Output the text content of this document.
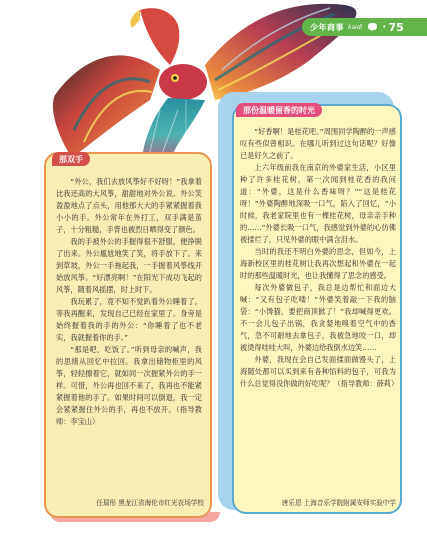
少年商事 kaidi	• 75
那份温暖留香的时光

“好香啊！是桂花吧。”周围同学陶醉的一声感叹有些似曾相识。在哪儿听到过这句话呢？好像已是好久之前了。

上六年级前我在南京的外婆家生活，小区里种了许多桂花树，第一次闻到桂花香的我问道：“外婆，这是什么香味呀？”“这是桂花呀！”外婆陶醉地深吸一口气，陷入了回忆，“小时候，我老家院里也有一棵桂花树，母亲亲手种的……”外婆长吸一口气，我感觉到外婆的心仿佛被揉烂了，只见外婆的眼中满含泪水。

当时的我还不明白外婆的思念，但如今，上海新校区里的桂花树让我再次想起和外婆在一起时的那些温暖时光，也让我懂得了思念的感受。

每次外婆做包子，我总是边帮忙和面边大喊：“又有包子吃喽！”外婆笑着敲一下我的脑袋：“小馋猫，要把商顶掀了！”我却喊得更欢。不一会儿包子出锅，我贪婪地嗅着空气中的香气，急不可耐地去拿包子，我被急地咬一口，却被烫得哇哇大叫，外婆边给我倒水边笑……

外婆，我现在会自己发面揉面做馒头了，上海随处都可以买到来有各种馅料的包子，可我为什么总觉得没你做的好吃呢？（指导教师：薛莉）

唐乐恩 上海音乐学院附属安师实验中学
那双手

“外公，我们去放风筝好不好呀！”我拿着比我还高的大风筝，甜甜地对外公说。外公笑盈盈地点了点头，用他那大大的手紧紧握着我小小的手。外公常年在外打工，双手满是茧子，十分粗糙，手背也被烈日晒得变了颜色。

我的手被外公的手握得很不舒服，便挣脱了出来。外公尴尬地笑了笑，将手放下了。来到草坡，外公一手拖起我，一手握着风筝线开始放风筝。“好漂亮啊！”在阳光下成功飞起的风筝，随着风摇摆，时上时下。

我玩累了，竟不知不觉趴着外公睡着了。等我再醒来，发现自己已经在家里了。身旁是始终握着我的手的外公：“你睡着了也不老实，我就握着你的手。”

“那是吧，吃饭了。”听到母亲的喊声，我的思绪从回忆中拉回。我拿出储物柜里的风筝，轻轻擦着它，就如同一次握紧外公的手一样。可惜，外公再也回不来了，我再也不能紧紧握着他的手了。如果时间可以倒退，我一定会紧紧握住外公的手，再也不放开。（指导教师：李宝山）

任瑞彤 黑龙江省海伦市红光农场学校
